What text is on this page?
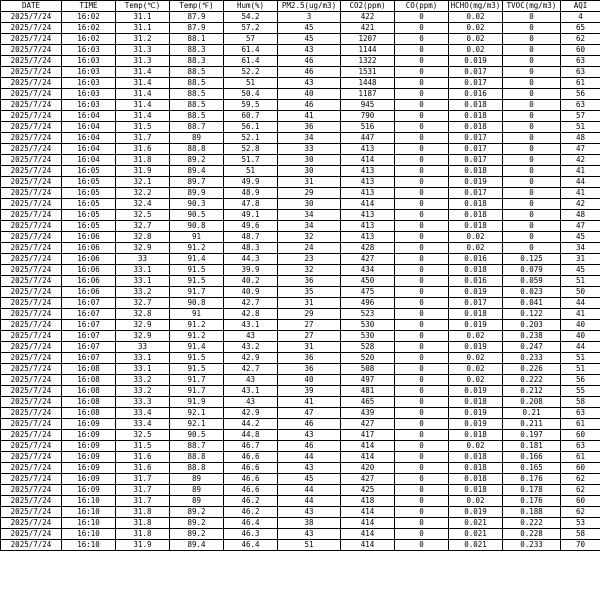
DATE	TIME	Temp(℃)	Temp(℉)	Hum(%)	PM2.5(ug/m3)	CO2(ppm)	CO(ppm)	HCHO(mg/m3)	TVOC(mg/m3)	AQI
2025/7/24	16:02	31.1	87.9	54.2	3	422	0	0.02	0	4
2025/7/24	16:02	31.1	87.9	57.2	45	421	0	0.02	0	65
2025/7/24	16:02	31.2	88.1	57	45	1207	0	0.02	0	62
2025/7/24	16:03	31.3	88.3	61.4	43	1144	0	0.02	0	60
2025/7/24	16:03	31.3	88.3	61.4	46	1322	0	0.019	0	63
2025/7/24	16:03	31.4	88.5	52.2	46	1531	0	0.017	0	63
2025/7/24	16:03	31.4	88.5	51	43	1448	0	0.017	0	61
2025/7/24	16:03	31.4	88.5	50.4	40	1187	0	0.016	0	56
2025/7/24	16:03	31.4	88.5	59.5	46	945	0	0.018	0	63
2025/7/24	16:04	31.4	88.5	60.7	41	790	0	0.018	0	57
2025/7/24	16:04	31.5	88.7	56.1	36	516	0	0.018	0	51
2025/7/24	16:04	31.7	89	52.1	34	447	0	0.017	0	48
2025/7/24	16:04	31.6	88.8	52.8	33	413	0	0.017	0	47
2025/7/24	16:04	31.8	89.2	51.7	30	414	0	0.017	0	42
2025/7/24	16:05	31.9	89.4	51	30	413	0	0.018	0	41
2025/7/24	16:05	32.1	89.7	49.9	31	413	0	0.019	0	44
2025/7/24	16:05	32.2	89.9	48.9	29	413	0	0.017	0	41
2025/7/24	16:05	32.4	90.3	47.8	30	414	0	0.018	0	42
2025/7/24	16:05	32.5	90.5	49.1	34	413	0	0.018	0	48
2025/7/24	16:05	32.7	90.8	49.6	34	413	0	0.018	0	47
2025/7/24	16:06	32.8	91	48.7	32	413	0	0.02	0	45
2025/7/24	16:06	32.9	91.2	48.3	24	428	0	0.02	0	34
2025/7/24	16:06	33	91.4	44.3	23	427	0	0.016	0.125	31
2025/7/24	16:06	33.1	91.5	39.9	32	434	0	0.018	0.079	45
2025/7/24	16:06	33.1	91.5	40.2	36	450	0	0.016	0.059	51
2025/7/24	16:06	33.2	91.7	40.9	35	475	0	0.019	0.023	50
2025/7/24	16:07	32.7	90.8	42.7	31	496	0	0.017	0.041	44
2025/7/24	16:07	32.8	91	42.8	29	523	0	0.018	0.122	41
2025/7/24	16:07	32.9	91.2	43.1	27	530	0	0.019	0.203	40
2025/7/24	16:07	32.9	91.2	43	27	530	0	0.02	0.238	40
2025/7/24	16:07	33	91.4	43.2	31	528	0	0.019	0.247	44
2025/7/24	16:07	33.1	91.5	42.9	36	520	0	0.02	0.233	51
2025/7/24	16:08	33.1	91.5	42.7	36	508	0	0.02	0.226	51
2025/7/24	16:08	33.2	91.7	43	40	497	0	0.02	0.222	56
2025/7/24	16:08	33.2	91.7	43.1	39	481	0	0.019	0.212	55
2025/7/24	16:08	33.3	91.9	43	41	465	0	0.018	0.208	58
2025/7/24	16:08	33.4	92.1	42.9	47	439	0	0.019	0.21	63
2025/7/24	16:09	33.4	92.1	44.2	46	427	0	0.019	0.211	61
2025/7/24	16:09	32.5	90.5	44.8	43	417	0	0.018	0.197	60
2025/7/24	16:09	31.5	88.7	46.7	46	414	0	0.02	0.181	63
2025/7/24	16:09	31.6	88.8	46.6	44	414	0	0.018	0.166	61
2025/7/24	16:09	31.6	88.8	46.6	43	420	0	0.018	0.165	60
2025/7/24	16:09	31.7	89	46.6	45	427	0	0.018	0.176	62
2025/7/24	16:09	31.7	89	46.6	44	425	0	0.018	0.178	62
2025/7/24	16:10	31.7	89	46.2	44	418	0	0.02	0.176	60
2025/7/24	16:10	31.8	89.2	46.2	43	414	0	0.019	0.188	62
2025/7/24	16:10	31.8	89.2	46.4	38	414	0	0.021	0.222	53
2025/7/24	16:10	31.8	89.2	46.3	43	414	0	0.021	0.228	58
2025/7/24	16:10	31.9	89.4	46.4	51	414	0	0.021	0.233	70
